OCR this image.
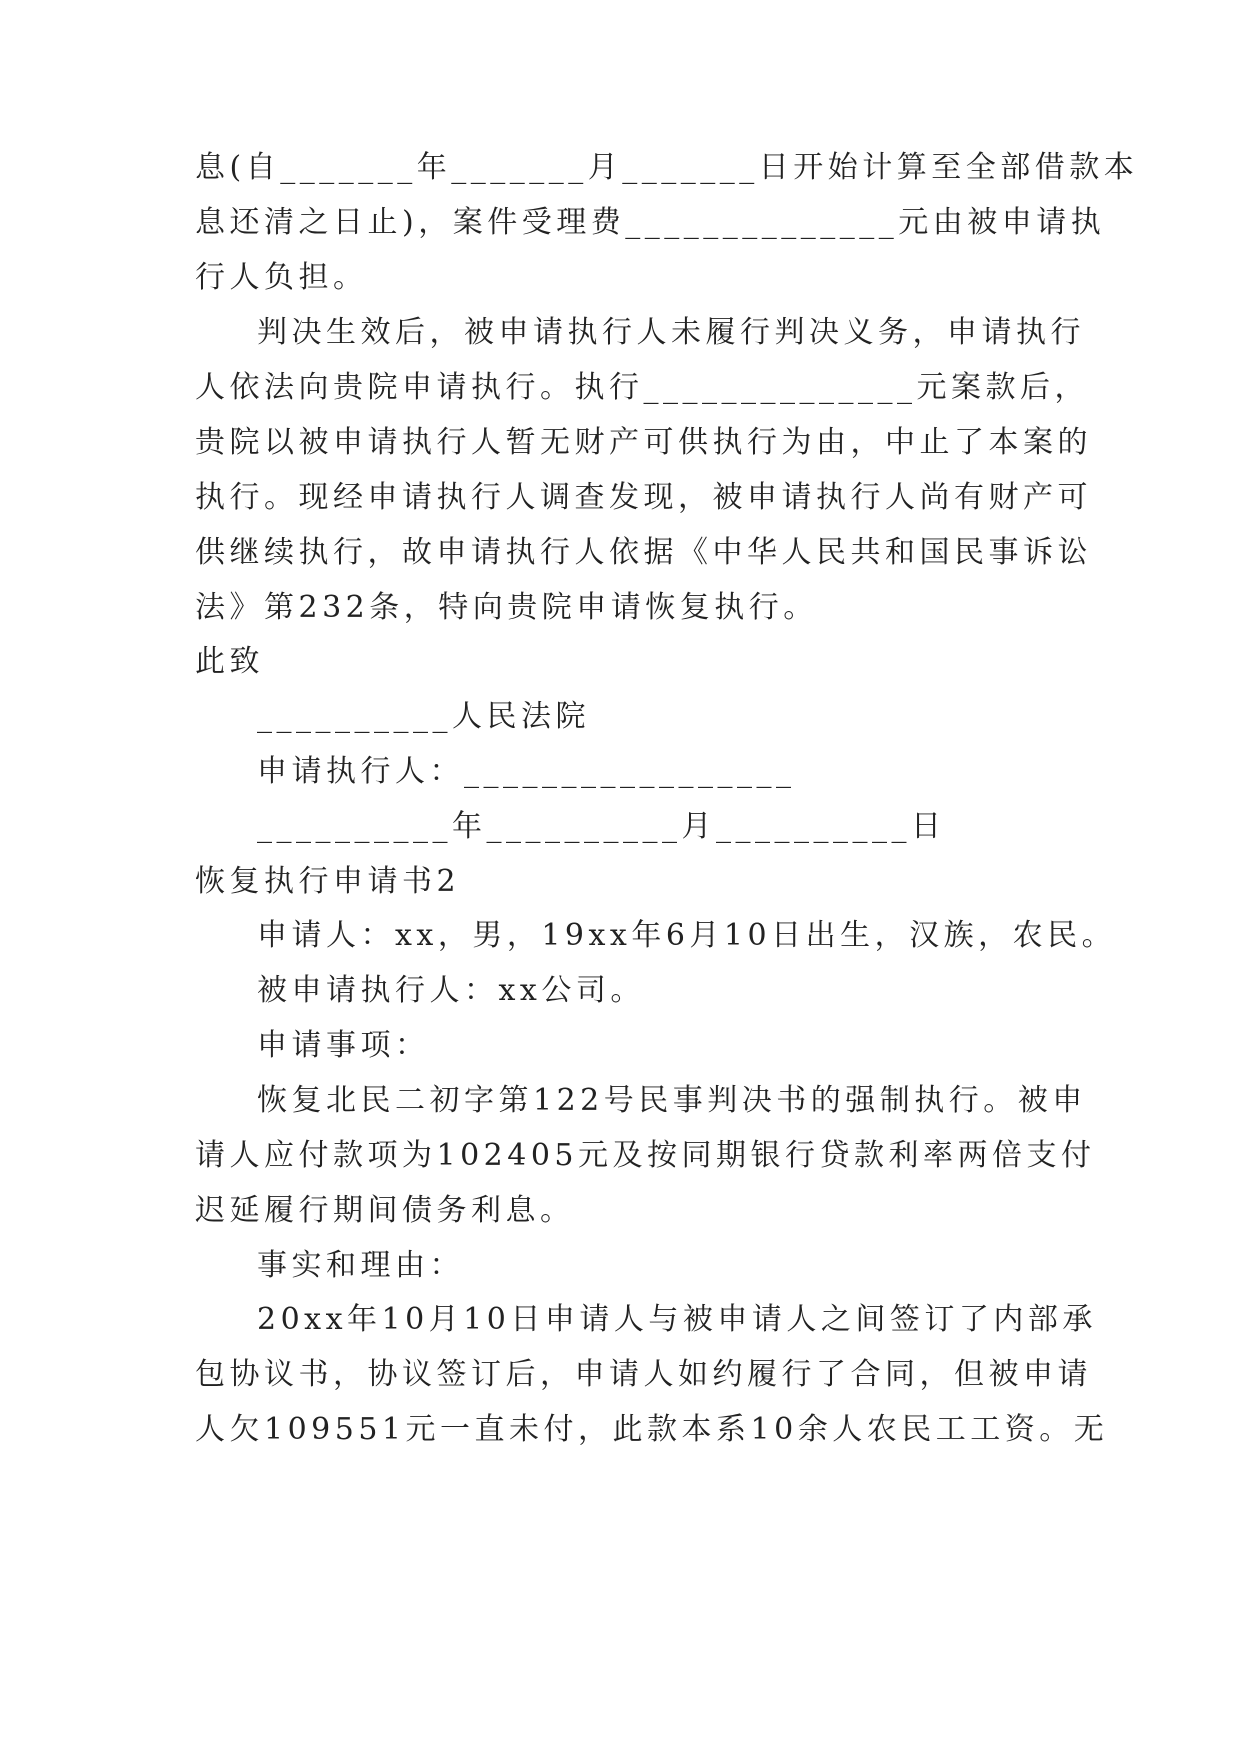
息(自_______年_______月_______日开始计算至全部借款本
息还清之日止)，案件受理费______________元由被申请执
行人负担。
判决生效后，被申请执行人未履行判决义务，申请执行
人依法向贵院申请执行。执行______________元案款后，
贵院以被申请执行人暂无财产可供执行为由，中止了本案的
执行。现经申请执行人调查发现，被申请执行人尚有财产可
供继续执行，故申请执行人依据《中华人民共和国民事诉讼
法》第232条，特向贵院申请恢复执行。
此致
__________人民法院
申请执行人：_________________
__________年__________月__________日
恢复执行申请书2
申请人：xx，男，19xx年6月10日出生，汉族，农民。
被申请执行人：xx公司。
申请事项：
恢复北民二初字第122号民事判决书的强制执行。被申
请人应付款项为102405元及按同期银行贷款利率两倍支付
迟延履行期间债务利息。
事实和理由：
20xx年10月10日申请人与被申请人之间签订了内部承
包协议书，协议签订后，申请人如约履行了合同，但被申请
人欠109551元一直未付，此款本系10余人农民工工资。无
